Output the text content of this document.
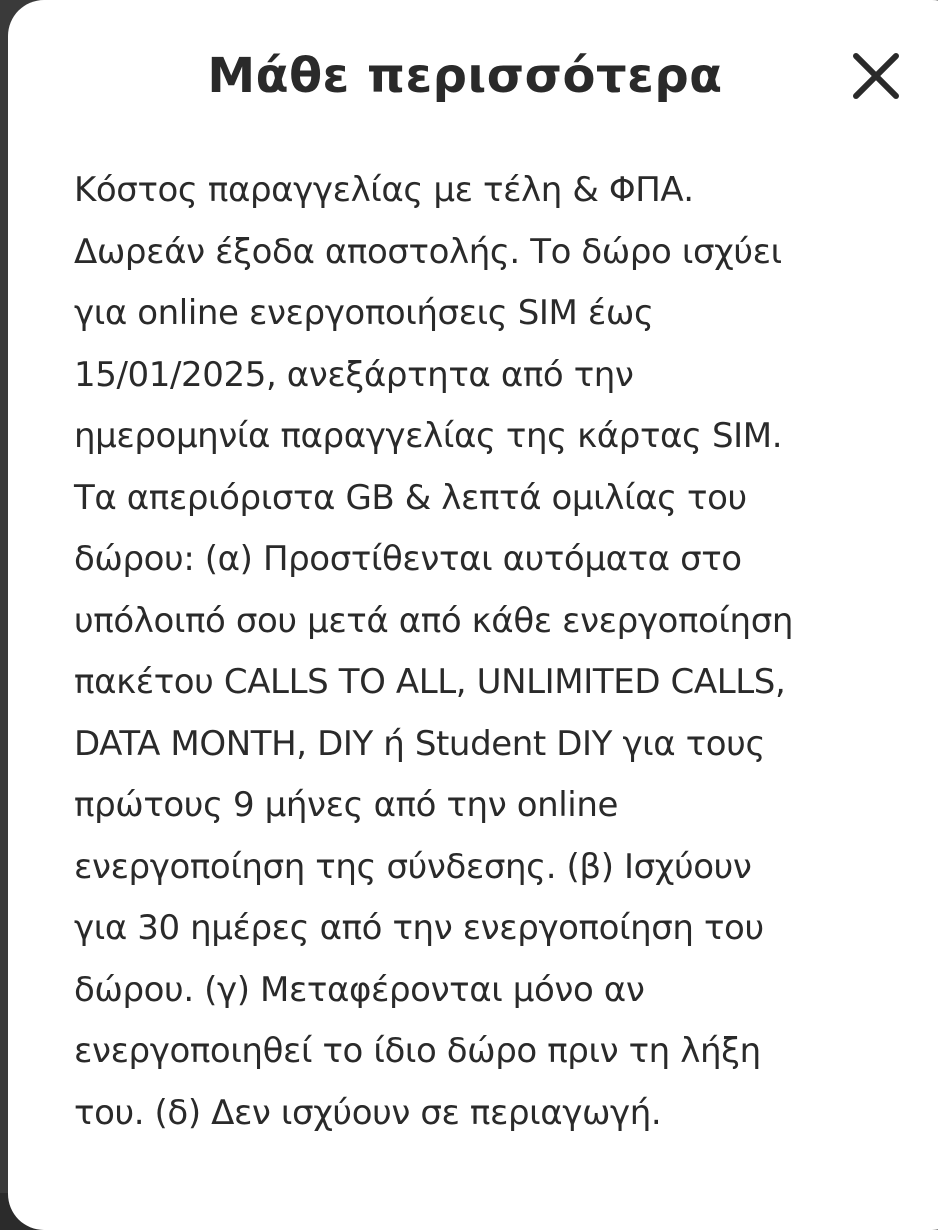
Μάθε περισσότερα
Κόστος παραγγελίας με τέλη & ΦΠΑ.
Δωρεάν έξοδα αποστολής. Το δώρο ισχύει
για online ενεργοποιήσεις SIM έως
15/01/2025, ανεξάρτητα από την
ημερομηνία παραγγελίας της κάρτας SIM.
Τα απεριόριστα GB & λεπτά ομιλίας του
δώρου: (α) Προστίθενται αυτόματα στο
υπόλοιπό σου μετά από κάθε ενεργοποίηση
πακέτου CALLS TO ALL, UNLIMITED CALLS,
DATA MONTH, DIY ή Student DIY για τους
πρώτους 9 μήνες από την online
ενεργοποίηση της σύνδεσης. (β) Ισχύουν
για 30 ημέρες από την ενεργοποίηση του
δώρου. (γ) Μεταφέρονται μόνο αν
ενεργοποιηθεί το ίδιο δώρο πριν τη λήξη
του. (δ) Δεν ισχύουν σε περιαγωγή.
